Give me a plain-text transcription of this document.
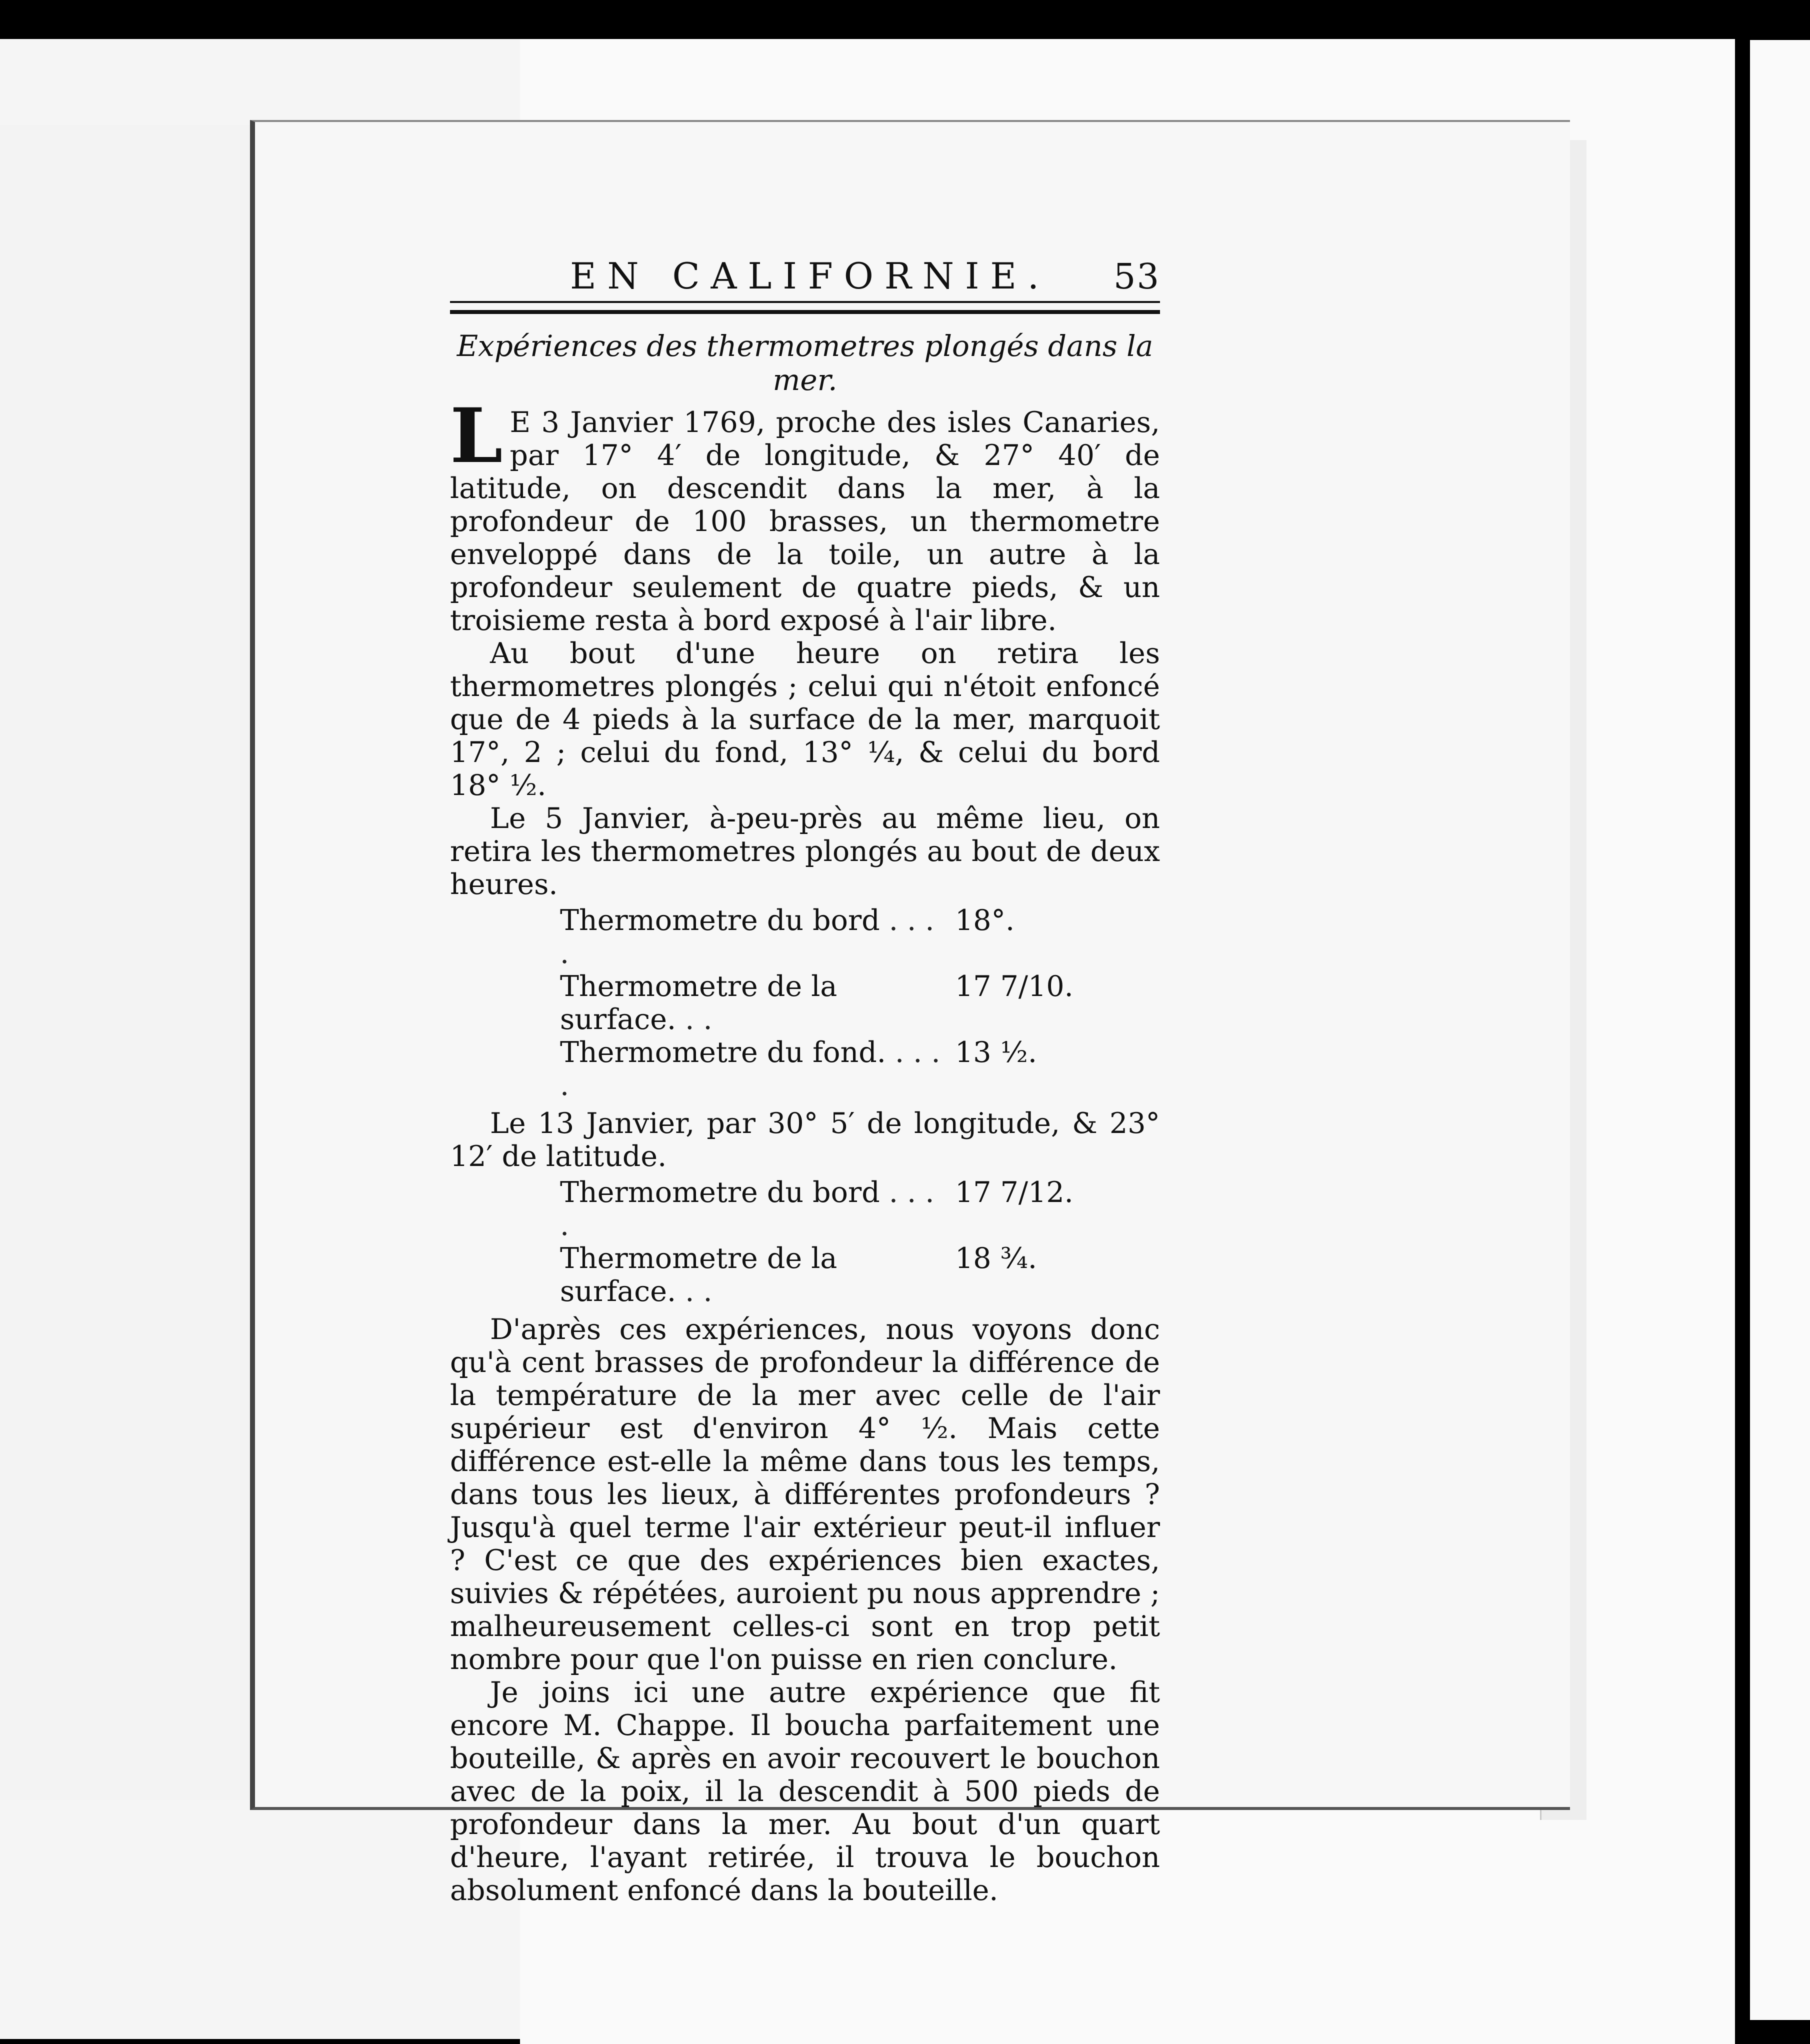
EN CALIFORNIE. 53
Expériences des thermometres plongés dans la mer.

L E 3 Janvier 1769, proche des isles Canaries, par 17° 4′ de longitude, & 27° 40′ de latitude, on descendit dans la mer, à la profondeur de 100 brasses, un thermometre enveloppé dans de la toile, un autre à la profondeur seulement de quatre pieds, & un troisieme resta à bord exposé à l'air libre.

Au bout d'une heure on retira les thermometres plongés ; celui qui n'étoit enfoncé que de 4 pieds à la surface de la mer, marquoit 17°, 2 ; celui du fond, 13° ¼, & celui du bord 18° ½.

Le 5 Janvier, à-peu-près au même lieu, on retira les thermometres plongés au bout de deux heures.

Thermometre du bord . . . .
18°.
Thermometre de la surface. . .
17 7/10.
Thermometre du fond. . . . .
13 ½.

Le 13 Janvier, par 30° 5′ de longitude, & 23° 12′ de latitude.

Thermometre du bord . . . .
17 7/12.
Thermometre de la surface. . .
18 ¾.

D'après ces expériences, nous voyons donc qu'à cent brasses de profondeur la différence de la température de la mer avec celle de l'air supérieur est d'environ 4° ½. Mais cette différence est-elle la même dans tous les temps, dans tous les lieux, à différentes profondeurs ? Jusqu'à quel terme l'air extérieur peut-il influer ? C'est ce que des expériences bien exactes, suivies & répétées, auroient pu nous apprendre ; malheureusement celles-ci sont en trop petit nombre pour que l'on puisse en rien conclure.

Je joins ici une autre expérience que fit encore M. Chappe. Il boucha parfaitement une bouteille, & après en avoir recouvert le bouchon avec de la poix, il la descendit à 500 pieds de profondeur dans la mer. Au bout d'un quart d'heure, l'ayant retirée, il trouva le bouchon absolument enfoncé dans la bouteille.
